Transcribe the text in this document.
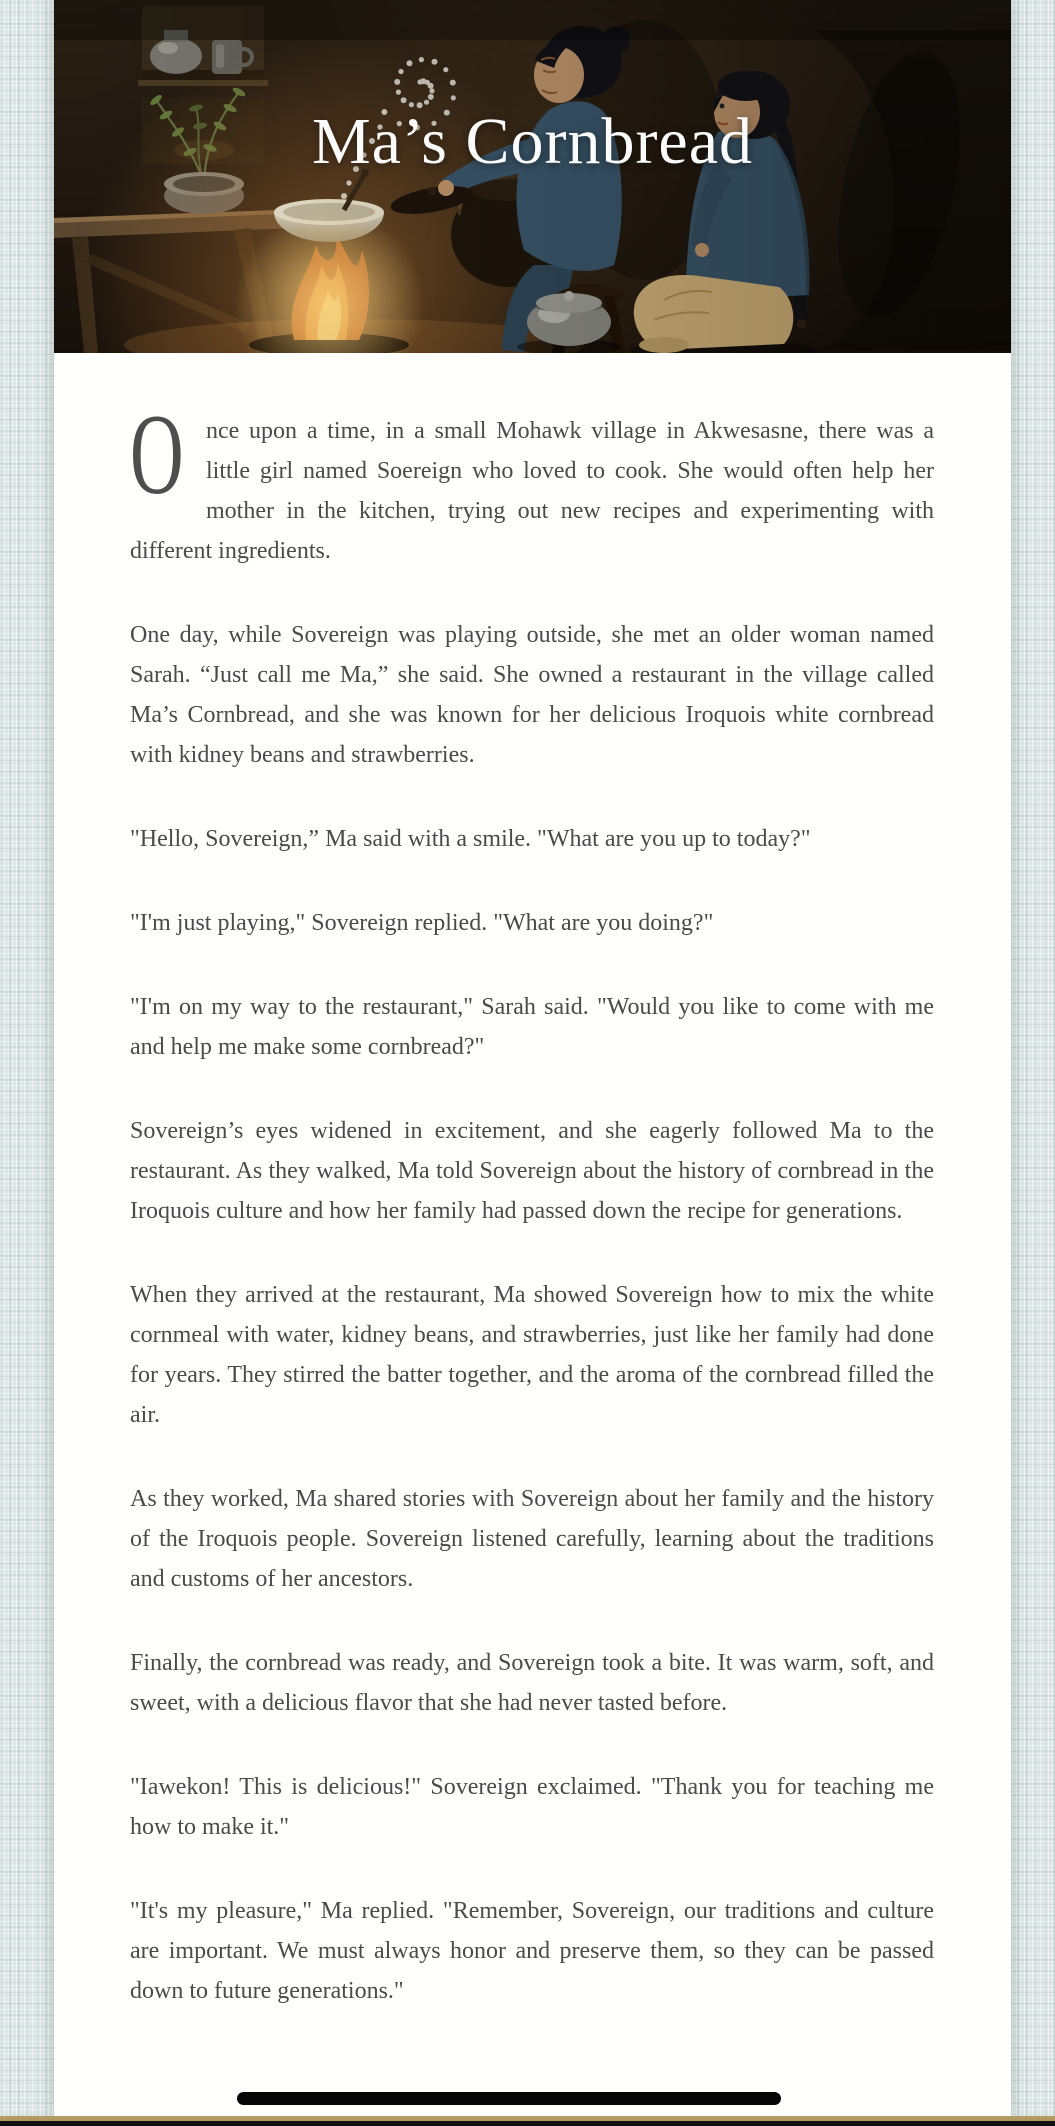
Ma’s Cornbread

Once upon a time, in a small Mohawk village in Akwesasne, there was a little girl named Soereign who loved to cook. She would often help her mother in the kitchen, trying out new recipes and experimenting with different ingredients.

One day, while Sovereign was playing outside, she met an older woman named Sarah. “Just call me Ma,” she said. She owned a restaurant in the village called Ma’s Cornbread, and she was known for her delicious Iroquois white cornbread with kidney beans and strawberries.

"Hello, Sovereign,” Ma said with a smile. "What are you up to today?"

"I'm just playing," Sovereign replied. "What are you doing?"

"I'm on my way to the restaurant," Sarah said. "Would you like to come with me and help me make some cornbread?"

Sovereign’s eyes widened in excitement, and she eagerly followed Ma to the restaurant. As they walked, Ma told Sovereign about the history of cornbread in the Iroquois culture and how her family had passed down the recipe for generations.

When they arrived at the restaurant, Ma showed Sovereign how to mix the white cornmeal with water, kidney beans, and strawberries, just like her family had done for years. They stirred the batter together, and the aroma of the cornbread filled the air.

As they worked, Ma shared stories with Sovereign about her family and the history of the Iroquois people. Sovereign listened carefully, learning about the traditions and customs of her ancestors.

Finally, the cornbread was ready, and Sovereign took a bite. It was warm, soft, and sweet, with a delicious flavor that she had never tasted before.

"Iawekon! This is delicious!" Sovereign exclaimed. "Thank you for teaching me how to make it."

"It's my pleasure," Ma replied. "Remember, Sovereign, our traditions and culture are important. We must always honor and preserve them, so they can be passed down to future generations."
